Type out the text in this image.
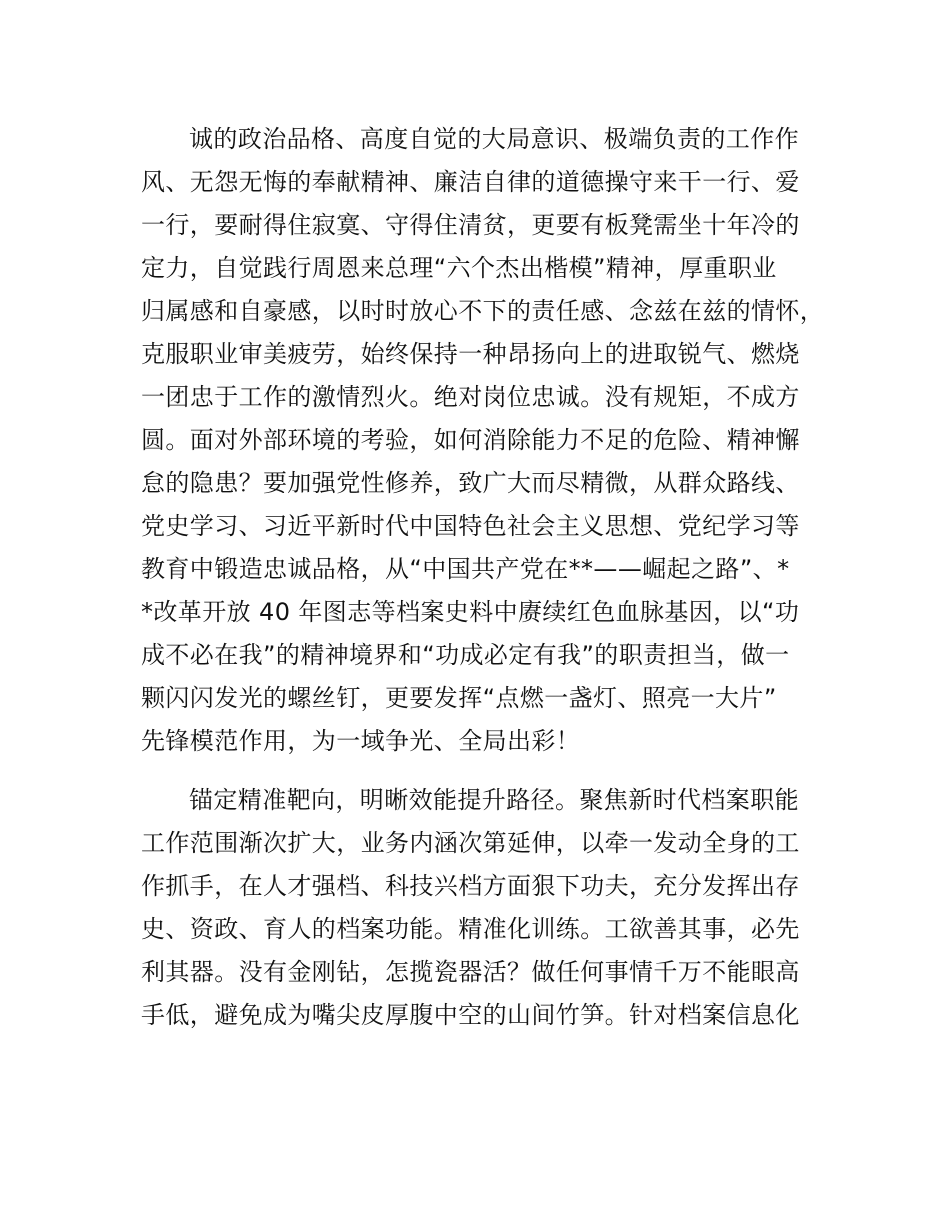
诚的政治品格、高度自觉的大局意识、极端负责的工作作
风、无怨无悔的奉献精神、廉洁自律的道德操守来干一行、爱
一行，要耐得住寂寞、守得住清贫，更要有板凳需坐十年冷的
定力，自觉践行周恩来总理“六个杰出楷模”精神，厚重职业
归属感和自豪感，以时时放心不下的责任感、念兹在兹的情怀，
克服职业审美疲劳，始终保持一种昂扬向上的进取锐气、燃烧
一团忠于工作的激情烈火。绝对岗位忠诚。没有规矩，不成方
圆。面对外部环境的考验，如何消除能力不足的危险、精神懈
怠的隐患？要加强党性修养，致广大而尽精微，从群众路线、
党史学习、习近平新时代中国特色社会主义思想、党纪学习等
教育中锻造忠诚品格，从“中国共产党在**——崛起之路”、*
*改革开放 40 年图志等档案史料中赓续红色血脉基因，以“功
成不必在我”的精神境界和“功成必定有我”的职责担当，做一
颗闪闪发光的螺丝钉，更要发挥“点燃一盏灯、照亮一大片”
先锋模范作用，为一域争光、全局出彩！
锚定精准靶向，明晰效能提升路径。聚焦新时代档案职能
工作范围渐次扩大，业务内涵次第延伸，以牵一发动全身的工
作抓手，在人才强档、科技兴档方面狠下功夫，充分发挥出存
史、资政、育人的档案功能。精准化训练。工欲善其事，必先
利其器。没有金刚钻，怎揽瓷器活？做任何事情千万不能眼高
手低，避免成为嘴尖皮厚腹中空的山间竹笋。针对档案信息化
